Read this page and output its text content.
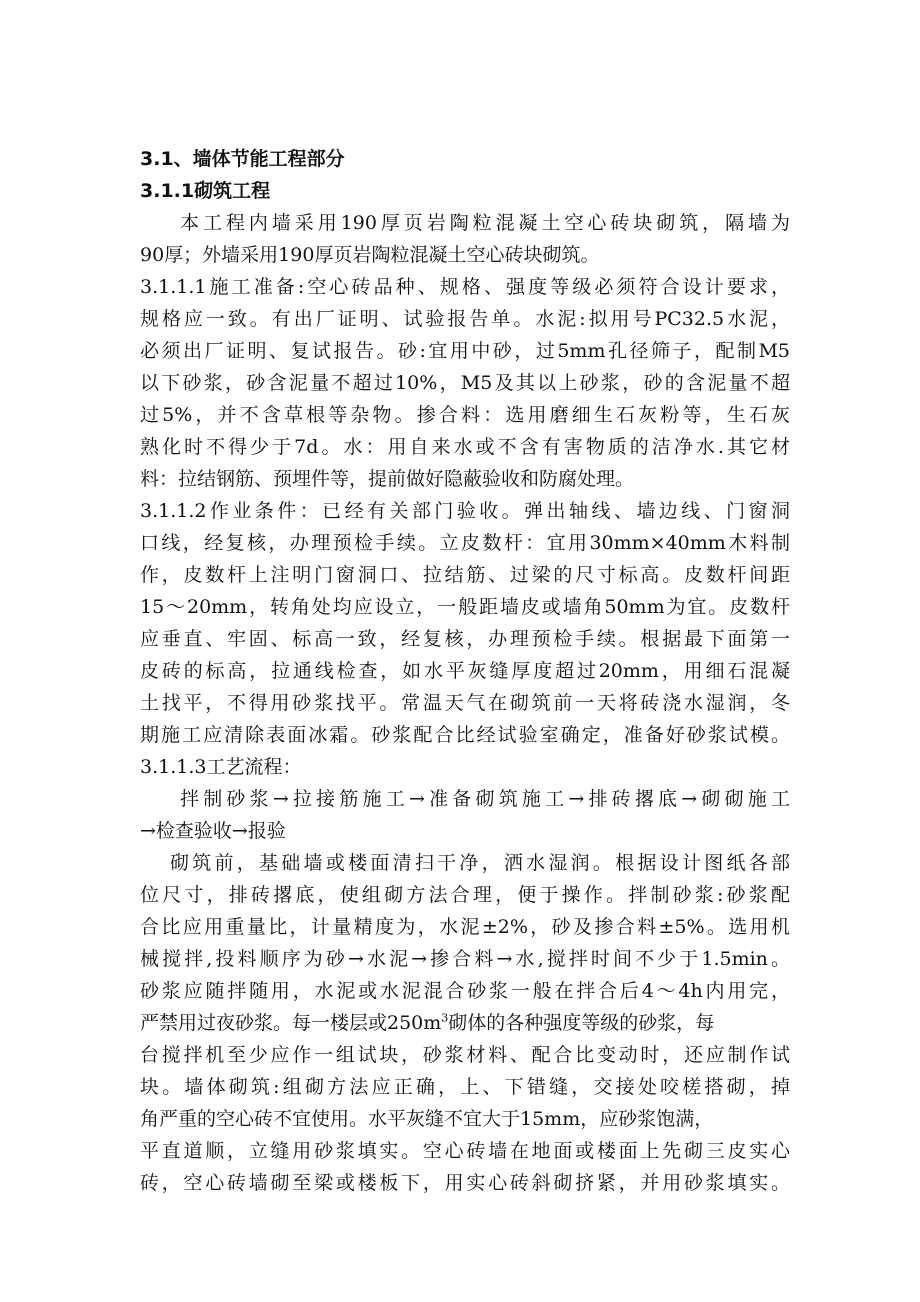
3.1、墙体节能工程部分
3.1.1砌筑工程
本工程内墙采用190厚页岩陶粒混凝土空心砖块砌筑，隔墙为
90厚；外墙采用190厚页岩陶粒混凝土空心砖块砌筑。
3.1.1.1施工准备:空心砖品种、规格、强度等级必须符合设计要求，
规格应一致。有出厂证明、试验报告单。水泥:拟用号PC32.5水泥，
必须出厂证明、复试报告。砂:宜用中砂，过5mm孔径筛子，配制M5
以下砂浆，砂含泥量不超过10%，M5及其以上砂浆，砂的含泥量不超
过5%，并不含草根等杂物。掺合料：选用磨细生石灰粉等，生石灰
熟化时不得少于7d。水：用自来水或不含有害物质的洁净水.其它材
料：拉结钢筋、预埋件等，提前做好隐蔽验收和防腐处理。
3.1.1.2作业条件：已经有关部门验收。弹出轴线、墙边线、门窗洞
口线，经复核，办理预检手续。立皮数杆：宜用30mm×40mm木料制
作，皮数杆上注明门窗洞口、拉结筋、过梁的尺寸标高。皮数杆间距
15～20mm，转角处均应设立，一般距墙皮或墙角50mm为宜。皮数杆
应垂直、牢固、标高一致，经复核，办理预检手续。根据最下面第一
皮砖的标高，拉通线检查，如水平灰缝厚度超过20mm，用细石混凝
土找平，不得用砂浆找平。常温天气在砌筑前一天将砖浇水湿润，冬
期施工应清除表面冰霜。砂浆配合比经试验室确定，准备好砂浆试模。
3.1.1.3工艺流程：
拌制砂浆→拉接筋施工→准备砌筑施工→排砖撂底→砌砌施工
→检查验收→报验
砌筑前，基础墙或楼面清扫干净，洒水湿润。根据设计图纸各部
位尺寸，排砖撂底，使组砌方法合理，便于操作。拌制砂浆:砂浆配
合比应用重量比，计量精度为，水泥±2%，砂及掺合料±5%。选用机
械搅拌,投料顺序为砂→水泥→掺合料→水,搅拌时间不少于1.5min。
砂浆应随拌随用，水泥或水泥混合砂浆一般在拌合后4～4h内用完，
严禁用过夜砂浆。每一楼层或$250m^3$砌体的各种强度等级的砂浆，每
台搅拌机至少应作一组试块，砂浆材料、配合比变动时，还应制作试
块。墙体砌筑:组砌方法应正确，上、下错缝，交接处咬槎搭砌，掉
角严重的空心砖不宜使用。水平灰缝不宜大于15mm，应砂浆饱满，
平直道顺，立缝用砂浆填实。空心砖墙在地面或楼面上先砌三皮实心
砖，空心砖墙砌至梁或楼板下，用实心砖斜砌挤紧，并用砂浆填实。
